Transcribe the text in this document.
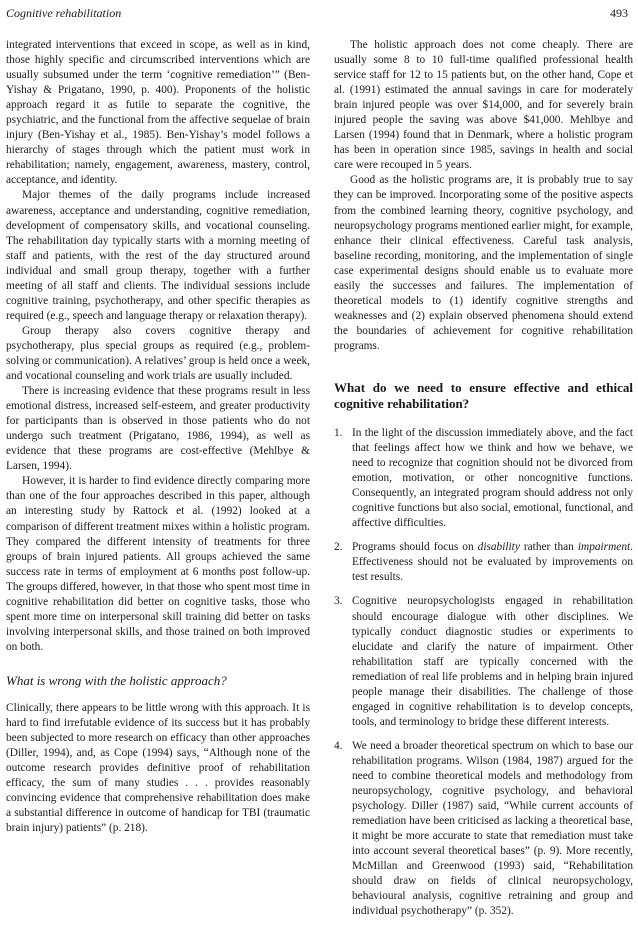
Cognitive rehabilitation	493

integrated interventions that exceed in scope, as well as in kind, those highly specific and circumscribed interventions which are usually subsumed under the term ‘cognitive remediation’” (Ben-Yishay & Prigatano, 1990, p. 400). Proponents of the holistic approach regard it as futile to separate the cognitive, the psychiatric, and the functional from the affective sequelae of brain injury (Ben-Yishay et al., 1985). Ben-Yishay’s model follows a hierarchy of stages through which the patient must work in rehabilitation; namely, engagement, awareness, mastery, control, acceptance, and identity.

Major themes of the daily programs include increased awareness, acceptance and understanding, cognitive remediation, development of compensatory skills, and vocational counseling. The rehabilitation day typically starts with a morning meeting of staff and patients, with the rest of the day structured around individual and small group therapy, together with a further meeting of all staff and clients. The individual sessions include cognitive training, psychotherapy, and other specific therapies as required (e.g., speech and language therapy or relaxation therapy).

Group therapy also covers cognitive therapy and psychotherapy, plus special groups as required (e.g., problem-solving or communication). A relatives’ group is held once a week, and vocational counseling and work trials are usually included.

There is increasing evidence that these programs result in less emotional distress, increased self-esteem, and greater productivity for participants than is observed in those patients who do not undergo such treatment (Prigatano, 1986, 1994), as well as evidence that these programs are cost-effective (Mehlbye & Larsen, 1994).

However, it is harder to find evidence directly comparing more than one of the four approaches described in this paper, although an interesting study by Rattock et al. (1992) looked at a comparison of different treatment mixes within a holistic program. They compared the different intensity of treatments for three groups of brain injured patients. All groups achieved the same success rate in terms of employment at 6 months post follow-up. The groups differed, however, in that those who spent most time in cognitive rehabilitation did better on cognitive tasks, those who spent more time on interpersonal skill training did better on tasks involving interpersonal skills, and those trained on both improved on both.

What is wrong with the holistic approach?

Clinically, there appears to be little wrong with this approach. It is hard to find irrefutable evidence of its success but it has probably been subjected to more research on efficacy than other approaches (Diller, 1994), and, as Cope (1994) says, “Although none of the outcome research provides definitive proof of rehabilitation efficacy, the sum of many studies . . . provides reasonably convincing evidence that comprehensive rehabilitation does make a substantial difference in outcome of handicap for TBI (traumatic brain injury) patients” (p. 218).

The holistic approach does not come cheaply. There are usually some 8 to 10 full-time qualified professional health service staff for 12 to 15 patients but, on the other hand, Cope et al. (1991) estimated the annual savings in care for moderately brain injured people was over $14,000, and for severely brain injured people the saving was above $41,000. Mehlbye and Larsen (1994) found that in Denmark, where a holistic program has been in operation since 1985, savings in health and social care were recouped in 5 years.

Good as the holistic programs are, it is probably true to say they can be improved. Incorporating some of the positive aspects from the combined learning theory, cognitive psychology, and neuropsychology programs mentioned earlier might, for example, enhance their clinical effectiveness. Careful task analysis, baseline recording, monitoring, and the implementation of single case experimental designs should enable us to evaluate more easily the successes and failures. The implementation of theoretical models to (1) identify cognitive strengths and weaknesses and (2) explain observed phenomena should extend the boundaries of achievement for cognitive rehabilitation programs.

What do we need to ensure effective and ethical cognitive rehabilitation?
1. In the light of the discussion immediately above, and the fact that feelings affect how we think and how we behave, we need to recognize that cognition should not be divorced from emotion, motivation, or other noncognitive functions. Consequently, an integrated program should address not only cognitive functions but also social, emotional, functional, and affective difficulties.
2. Programs should focus on disability rather than impairment. Effectiveness should not be evaluated by improvements on test results.
3. Cognitive neuropsychologists engaged in rehabilitation should encourage dialogue with other disciplines. We typically conduct diagnostic studies or experiments to elucidate and clarify the nature of impairment. Other rehabilitation staff are typically concerned with the remediation of real life problems and in helping brain injured people manage their disabilities. The challenge of those engaged in cognitive rehabilitation is to develop concepts, tools, and terminology to bridge these different interests.
4. We need a broader theoretical spectrum on which to base our rehabilitation programs. Wilson (1984, 1987) argued for the need to combine theoretical models and methodology from neuropsychology, cognitive psychology, and behavioral psychology. Diller (1987) said, “While current accounts of remediation have been criticised as lacking a theoretical base, it might be more accurate to state that remediation must take into account several theoretical bases” (p. 9). More recently, McMillan and Greenwood (1993) said, “Rehabilitation should draw on fields of clinical neuropsychology, behavioural analysis, cognitive retraining and group and individual psychotherapy” (p. 352).
